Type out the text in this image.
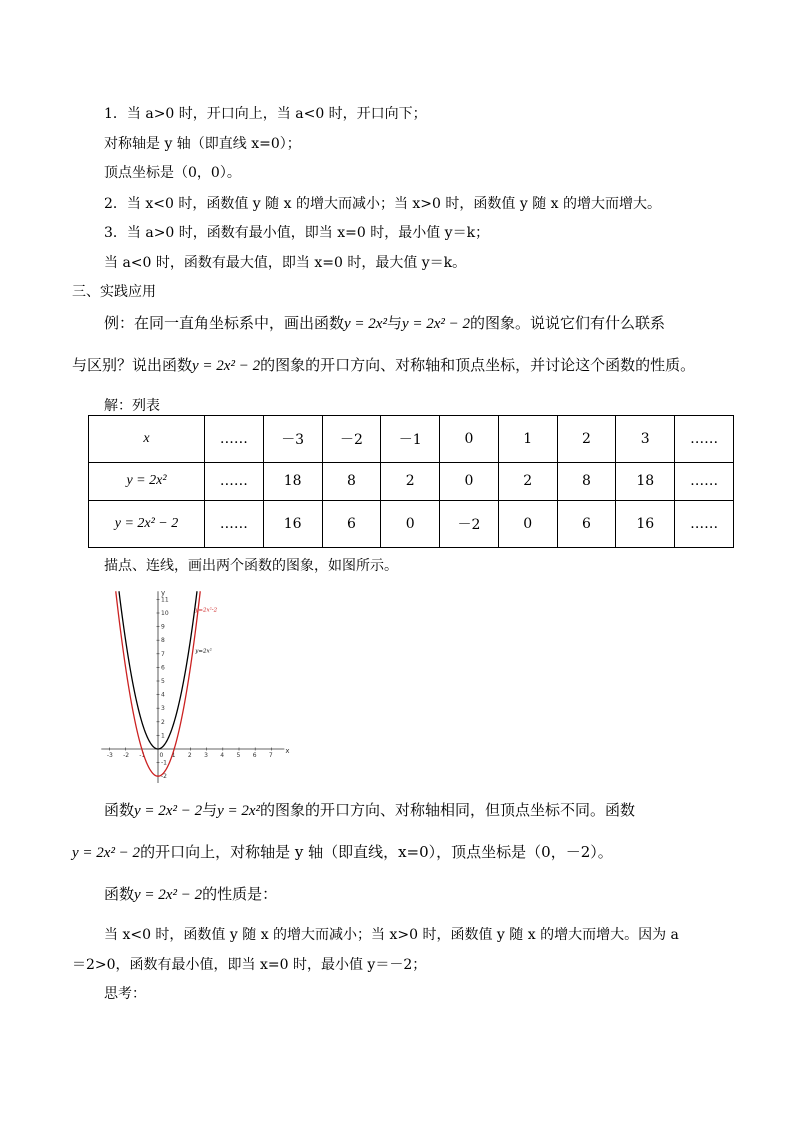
1．当 a>0 时，开口向上，当 a<0 时，开口向下；
对称轴是 y 轴（即直线 x=0）；
顶点坐标是（0，0）。
2．当 x<0 时，函数值 y 随 x 的增大而减小；当 x>0 时，函数值 y 随 x 的增大而增大。
3．当 a>0 时，函数有最小值，即当 x=0 时，最小值 y＝k；
当 a<0 时，函数有最大值，即当 x=0 时，最大值 y＝k。
三、实践应用
例：在同一直角坐标系中，画出函数y = 2x²与y = 2x² − 2的图象。说说它们有什么联系
与区别？说出函数y = 2x² − 2的图象的开口方向、对称轴和顶点坐标，并讨论这个函数的性质。
解：列表
x	……	－3	－2	－1	0	1	2	3	……
y = 2x²	……	18	8	2	0	2	8	18	……
y = 2x² − 2	……	16	6	0	－2	0	6	16	……
描点、连线，画出两个函数的图象，如图所示。
x
y
-3 -2 -1 0 1 2 3 4 5 6 7
11
10
9
8
7
6
5
4
3
2
1
-1
-2
y=2x²-2
y=2x²
函数y = 2x² − 2与y = 2x²的图象的开口方向、对称轴相同，但顶点坐标不同。函数
y = 2x² − 2的开口向上，对称轴是 y 轴（即直线，x=0），顶点坐标是（0，－2）。
函数y = 2x² − 2的性质是：
当 x<0 时，函数值 y 随 x 的增大而减小；当 x>0 时，函数值 y 随 x 的增大而增大。因为 a
＝2>0，函数有最小值，即当 x=0 时，最小值 y＝－2；
思考：
